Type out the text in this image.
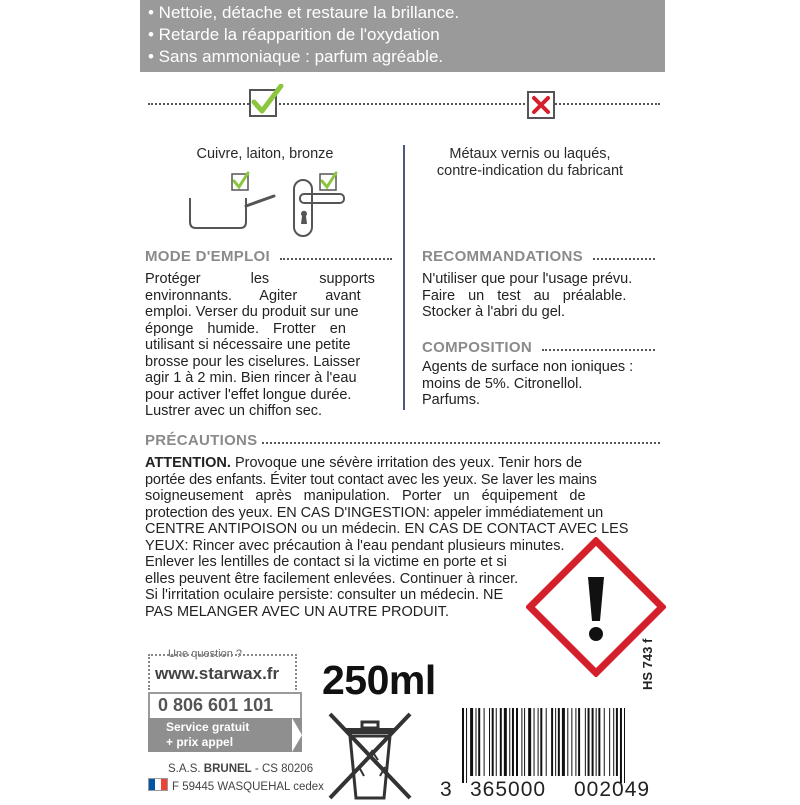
• Nettoie, détache et restaure la brillance.
• Retarde la réapparition de l'oxydation
• Sans ammoniaque : parfum agréable.
Cuivre, laiton, bronze	Métaux vernis ou laqués,
contre-indication du fabricant
MODE D'EMPLOI
Protéger les supports
environnants. Agiter avant
emploi. Verser du produit sur une
éponge humide. Frotter en
utilisant si nécessaire une petite
brosse pour les ciselures. Laisser
agir 1 à 2 min. Bien rincer à l'eau
pour activer l'effet longue durée.
Lustrer avec un chiffon sec.
RECOMMANDATIONS
N'utiliser que pour l'usage prévu.
Faire un test au préalable.
Stocker à l'abri du gel.
COMPOSITION
Agents de surface non ioniques :
moins de 5%. Citronellol.
Parfums.
PRÉCAUTIONS
ATTENTION. Provoque une sévère irritation des yeux. Tenir hors de
portée des enfants. Éviter tout contact avec les yeux. Se laver les mains
soigneusement après manipulation. Porter un équipement de
protection des yeux. EN CAS D'INGESTION: appeler immédiatement un
CENTRE ANTIPOISON ou un médecin. EN CAS DE CONTACT AVEC LES
YEUX: Rincer avec précaution à l'eau pendant plusieurs minutes.
Enlever les lentilles de contact si la victime en porte et si
elles peuvent être facilement enlevées. Continuer à rincer.
Si l'irritation oculaire persiste: consulter un médecin. NE
PAS MELANGER AVEC UN AUTRE PRODUIT.
Une question ?
www.starwax.fr
0 806 601 101
Service gratuit
+ prix appel
S.A.S. BRUNEL - CS 80206
F 59445 WASQUEHAL cedex
250ml	HS 743 f
3 365000 002049
